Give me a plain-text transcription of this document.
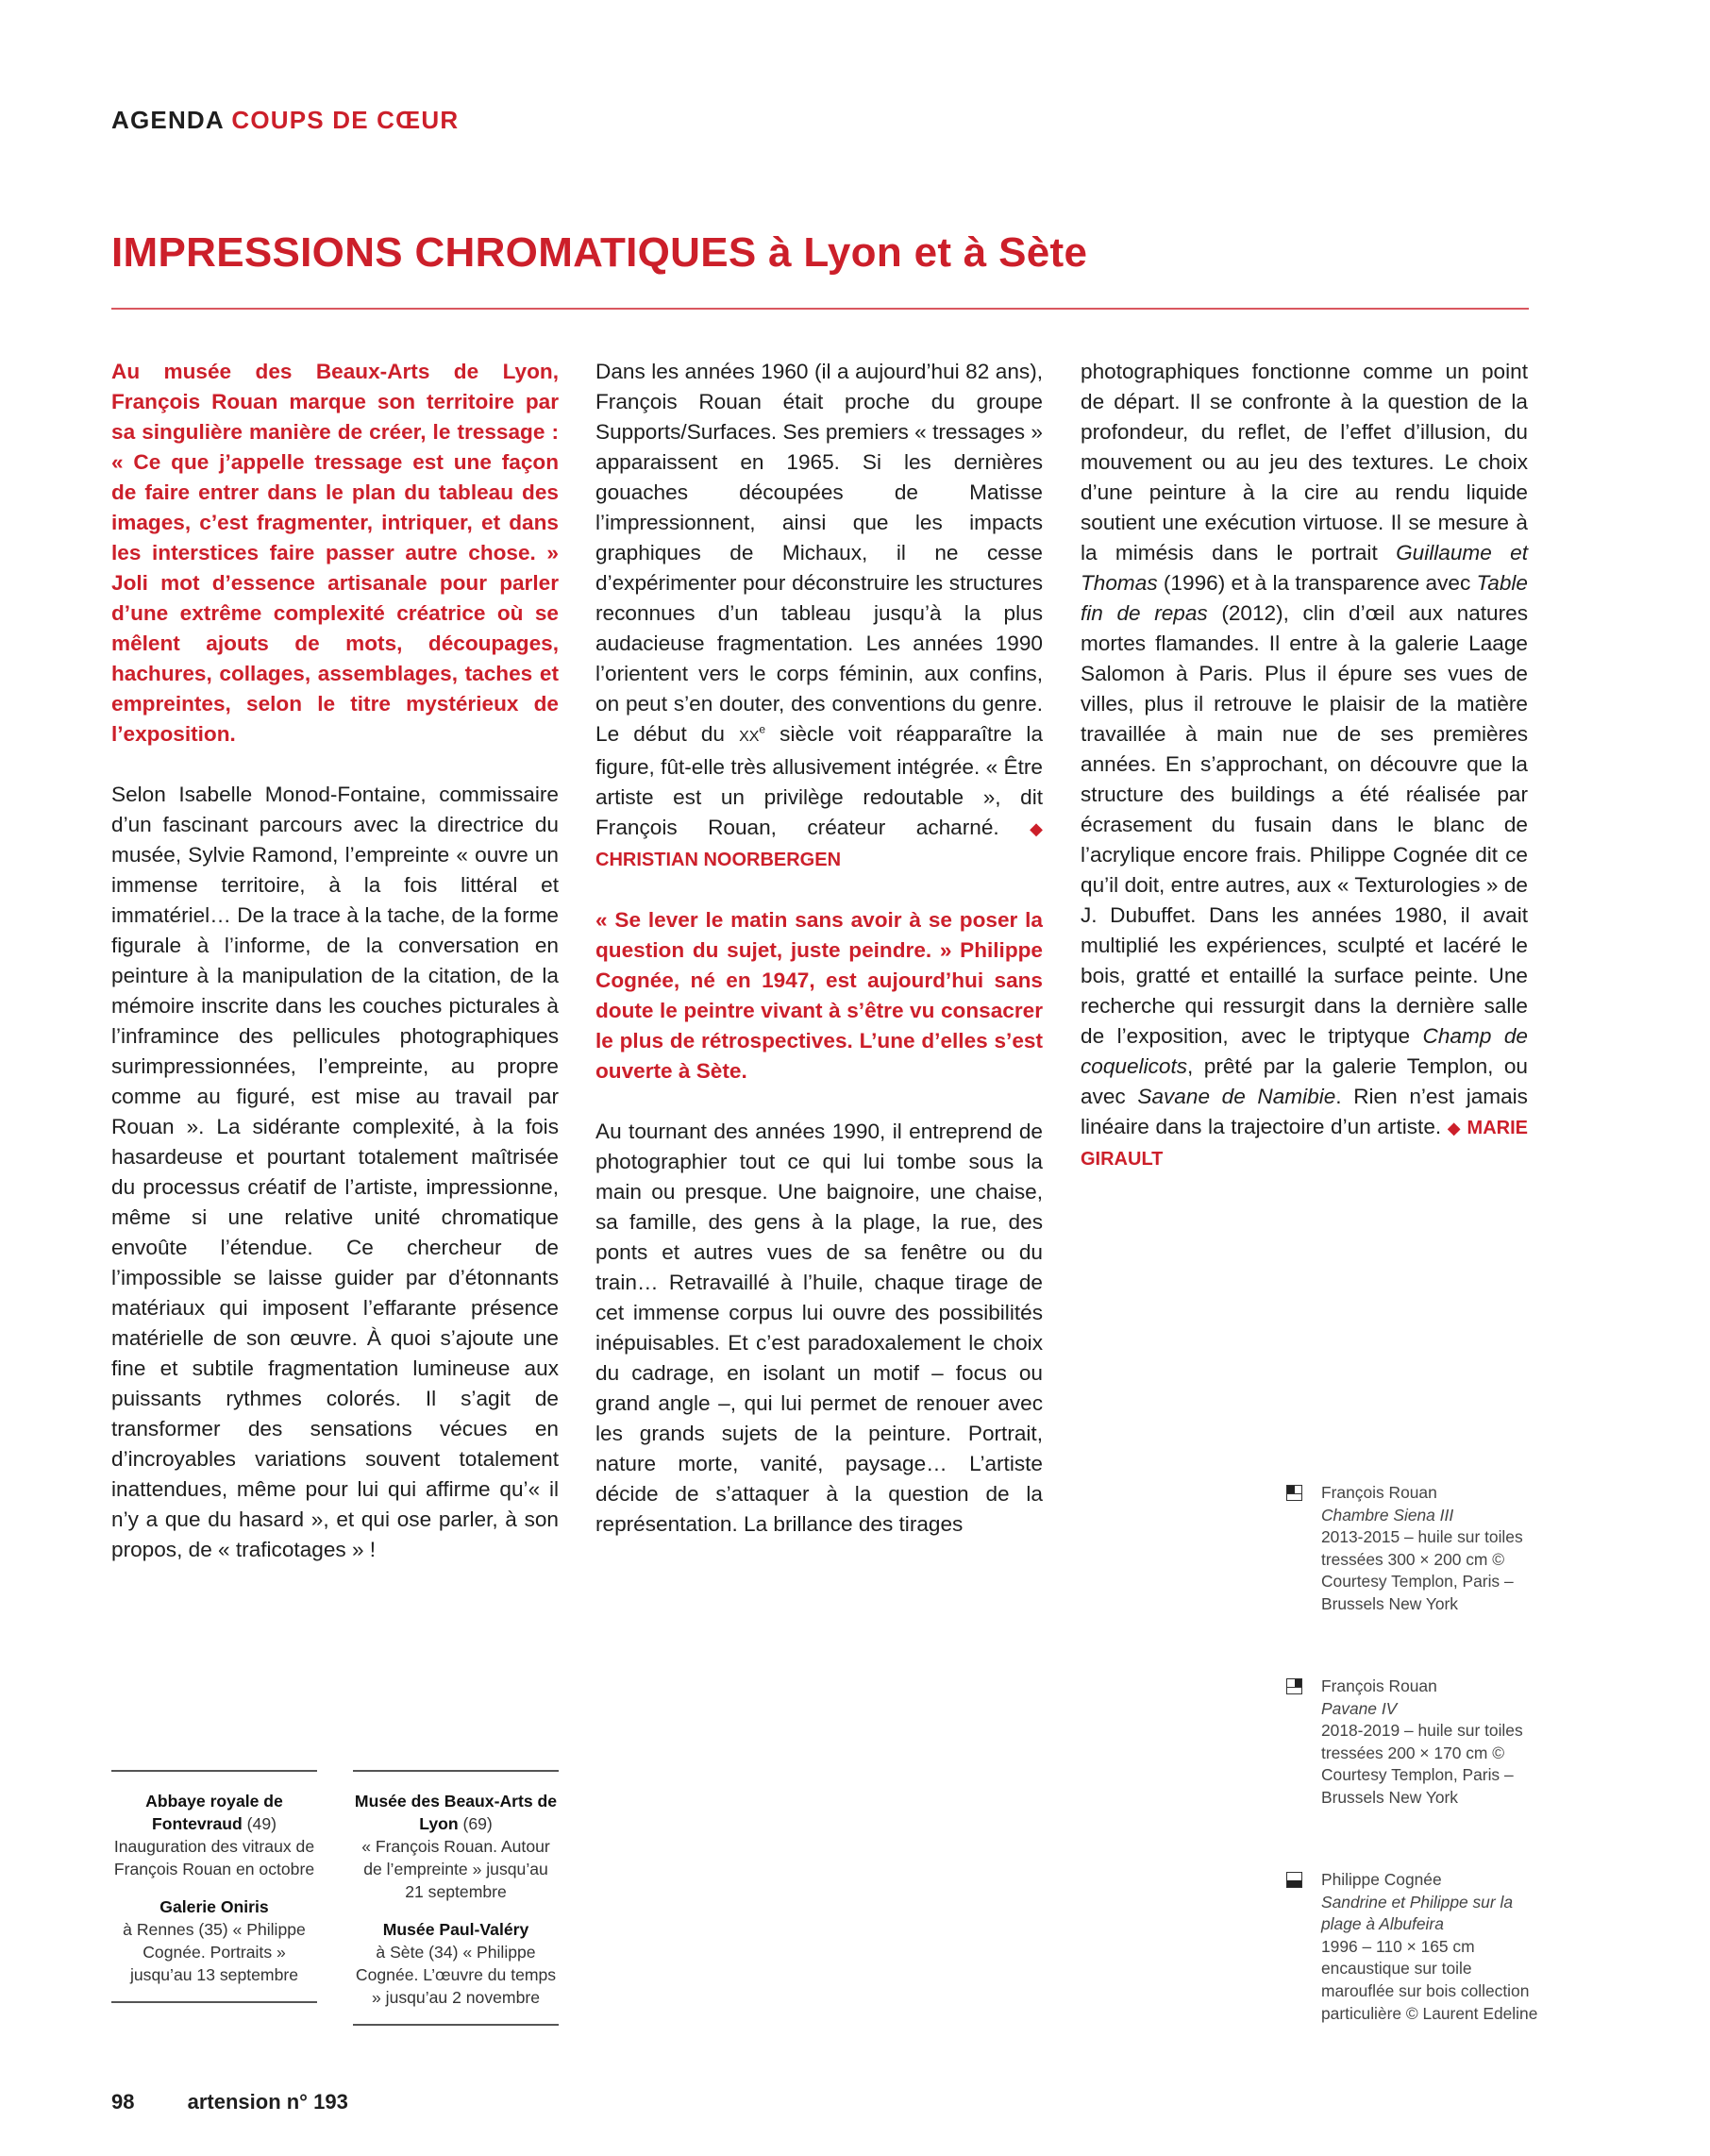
AGENDA COUPS DE CŒUR
IMPRESSIONS CHROMATIQUES à Lyon et à Sète

Au musée des Beaux-Arts de Lyon, François Rouan marque son territoire par sa singulière manière de créer, le tressage : « Ce que j’appelle tressage est une façon de faire entrer dans le plan du tableau des images, c’est fragmenter, intriquer, et dans les interstices faire passer autre chose. » Joli mot d’essence artisanale pour parler d’une extrême complexité créatrice où se mêlent ajouts de mots, découpages, hachures, collages, assemblages, taches et empreintes, selon le titre mystérieux de l’exposition.

Selon Isabelle Monod-Fontaine, commissaire d’un fascinant parcours avec la directrice du musée, Sylvie Ramond, l’empreinte « ouvre un immense territoire, à la fois littéral et immatériel… De la trace à la tache, de la forme figurale à l’informe, de la conversation en peinture à la manipulation de la citation, de la mémoire inscrite dans les couches picturales à l’inframince des pellicules photographiques surimpressionnées, l’empreinte, au propre comme au figuré, est mise au travail par Rouan ». La sidérante complexité, à la fois hasardeuse et pourtant totalement maîtrisée du processus créatif de l’artiste, impressionne, même si une relative unité chromatique envoûte l’étendue. Ce chercheur de l’impossible se laisse guider par d’étonnants matériaux qui imposent l’effarante présence matérielle de son œuvre. À quoi s’ajoute une fine et subtile fragmentation lumineuse aux puissants rythmes colorés. Il s’agit de transformer des sensations vécues en d’incroyables variations souvent totalement inattendues, même pour lui qui affirme qu’« il n’y a que du hasard », et qui ose parler, à son propos, de « traficotages » !

Dans les années 1960 (il a aujourd’hui 82 ans), François Rouan était proche du groupe Supports/Surfaces. Ses premiers « tressages » apparaissent en 1965. Si les dernières gouaches découpées de Matisse l’impressionnent, ainsi que les impacts graphiques de Michaux, il ne cesse d’expérimenter pour déconstruire les structures reconnues d’un tableau jusqu’à la plus audacieuse fragmentation. Les années 1990 l’orientent vers le corps féminin, aux confins, on peut s’en douter, des conventions du genre. Le début du XXe siècle voit réapparaître la figure, fût-elle très allusivement intégrée. « Être artiste est un privilège redoutable », dit François Rouan, créateur acharné. ◆ CHRISTIAN NOORBERGEN

« Se lever le matin sans avoir à se poser la question du sujet, juste peindre. » Philippe Cognée, né en 1947, est aujourd’hui sans doute le peintre vivant à s’être vu consacrer le plus de rétrospectives. L’une d’elles s’est ouverte à Sète.

Au tournant des années 1990, il entreprend de photographier tout ce qui lui tombe sous la main ou presque. Une baignoire, une chaise, sa famille, des gens à la plage, la rue, des ponts et autres vues de sa fenêtre ou du train… Retravaillé à l’huile, chaque tirage de cet immense corpus lui ouvre des possibilités inépuisables. Et c’est paradoxalement le choix du cadrage, en isolant un motif – focus ou grand angle –, qui lui permet de renouer avec les grands sujets de la peinture. Portrait, nature morte, vanité, paysage… L’artiste décide de s’attaquer à la question de la représentation. La brillance des tirages

photographiques fonctionne comme un point de départ. Il se confronte à la question de la profondeur, du reflet, de l’effet d’illusion, du mouvement ou au jeu des textures. Le choix d’une peinture à la cire au rendu liquide soutient une exécution virtuose. Il se mesure à la mimésis dans le portrait Guillaume et Thomas (1996) et à la transparence avec Table fin de repas (2012), clin d’œil aux natures mortes flamandes. Il entre à la galerie Laage Salomon à Paris. Plus il épure ses vues de villes, plus il retrouve le plaisir de la matière travaillée à main nue de ses premières années. En s’approchant, on découvre que la structure des buildings a été réalisée par écrasement du fusain dans le blanc de l’acrylique encore frais. Philippe Cognée dit ce qu’il doit, entre autres, aux « Texturologies » de J. Dubuffet. Dans les années 1980, il avait multiplié les expériences, sculpté et lacéré le bois, gratté et entaillé la surface peinte. Une recherche qui ressurgit dans la dernière salle de l’exposition, avec le triptyque Champ de coquelicots, prêté par la galerie Templon, ou avec Savane de Namibie. Rien n’est jamais linéaire dans la trajectoire d’un artiste. ◆ MARIE GIRAULT

Abbaye royale de Fontevraud (49)
Inauguration des vitraux de François Rouan en octobre
Galerie Oniris
à Rennes (35) « Philippe Cognée. Portraits » jusqu’au 13 septembre
Musée des Beaux-Arts de Lyon (69)
« François Rouan. Autour de l’empreinte » jusqu’au 21 septembre
Musée Paul-Valéry
à Sète (34) « Philippe Cognée. L’œuvre du temps » jusqu’au 2 novembre
François Rouan
Chambre Siena III
2013-2015 – huile sur toiles tressées 300 × 200 cm © Courtesy Templon, Paris – Brussels New York
François Rouan
Pavane IV
2018-2019 – huile sur toiles tressées 200 × 170 cm © Courtesy Templon, Paris – Brussels New York
Philippe Cognée
Sandrine et Philippe sur la plage à Albufeira
1996 – 110 × 165 cm encaustique sur toile marouflée sur bois collection particulière © Laurent Edeline
98	artension n° 193
